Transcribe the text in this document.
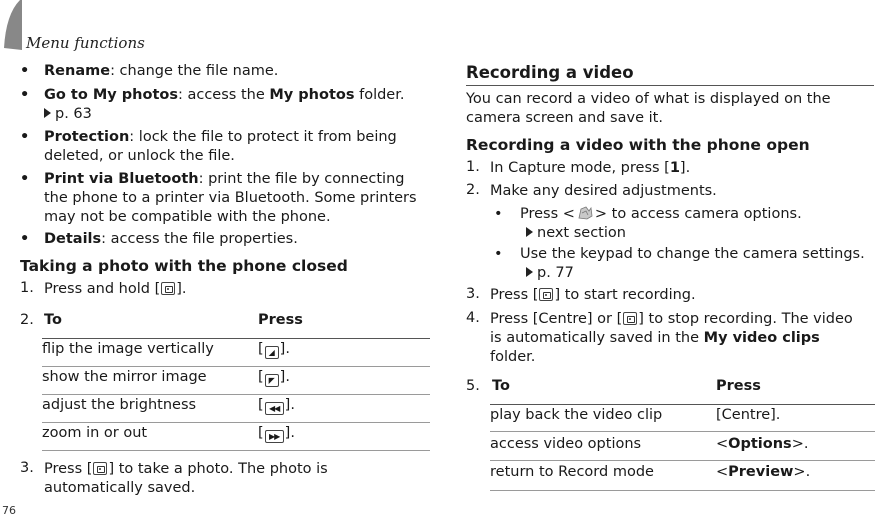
Menu functions
76
• Rename: change the file name.
• Go to My photos: access the My photos folder.
p. 63
• Protection: lock the file to protect it from being
deleted, or unlock the file.
• Print via Bluetooth: print the file by connecting
the phone to a printer via Bluetooth. Some printers
may not be compatible with the phone.
• Details: access the file properties.
Taking a photo with the phone closed
1. Press and hold [ ].
2. To	Press
flip the image vertically	[ ◢ ].
show the mirror image	[ ◤ ].
adjust the brightness	[ ◀◀ ].
zoom in or out	[ ▶▶ ].
3. Press [ ] to take a photo. The photo is
automatically saved.
Recording a video
You can record a video of what is displayed on the
camera screen and save it.
Recording a video with the phone open
1. In Capture mode, press [1].
2. Make any desired adjustments.
• Press < > to access camera options.
next section
• Use the keypad to change the camera settings.
p. 77
3. Press [ ] to start recording.
4. Press [Centre] or [ ] to stop recording. The video
is automatically saved in the My video clips
folder.
5. To	Press
play back the video clip	[Centre].
access video options	<Options>.
return to Record mode	<Preview>.
